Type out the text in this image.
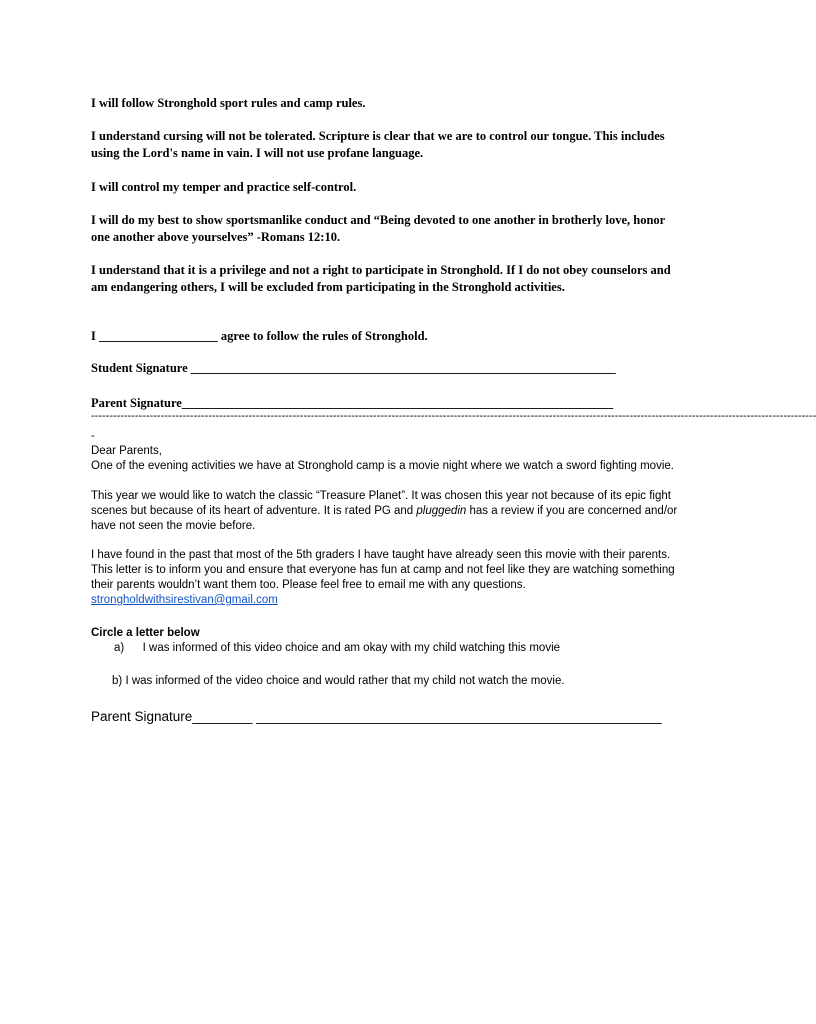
I will follow Stronghold sport rules and camp rules.

I understand cursing will not be tolerated. Scripture is clear that we are to control our tongue. This includes using the Lord's name in vain. I will not use profane language.

I will control my temper and practice self-control.

I will do my best to show sportsmanlike conduct and “Being devoted to one another in brotherly love, honor one another above yourselves” -Romans 12:10.

I understand that it is a privilege and not a right to participate in Stronghold. If I do not obey counselors and am endangering others, I will be excluded from participating in the Stronghold activities.

I ___________________ agree to follow the rules of Stronghold.

Student Signature ____________________________________________________________________

Parent Signature_____________________________________________________________________

------------------------------------------------------------------------------------------------------------------------------------------------------------------------------------------------------
-

Dear Parents,

One of the evening activities we have at Stronghold camp is a movie night where we watch a sword fighting movie.

This year we would like to watch the classic “Treasure Planet”. It was chosen this year not because of its epic fight scenes but because of its heart of adventure. It is rated PG and pluggedin has a review if you are concerned and/or have not seen the movie before.

I have found in the past that most of the 5th graders I have taught have already seen this movie with their parents. This letter is to inform you and ensure that everyone has fun at camp and not feel like they are watching something their parents wouldn’t want them too. Please feel free to email me with any questions. strongholdwithsirestivan@gmail.com

Circle a letter below

a) I was informed of this video choice and am okay with my child watching this movie
b) I was informed of the video choice and would rather that my child not watch the movie.
Parent Signature________ ______________________________________________________
